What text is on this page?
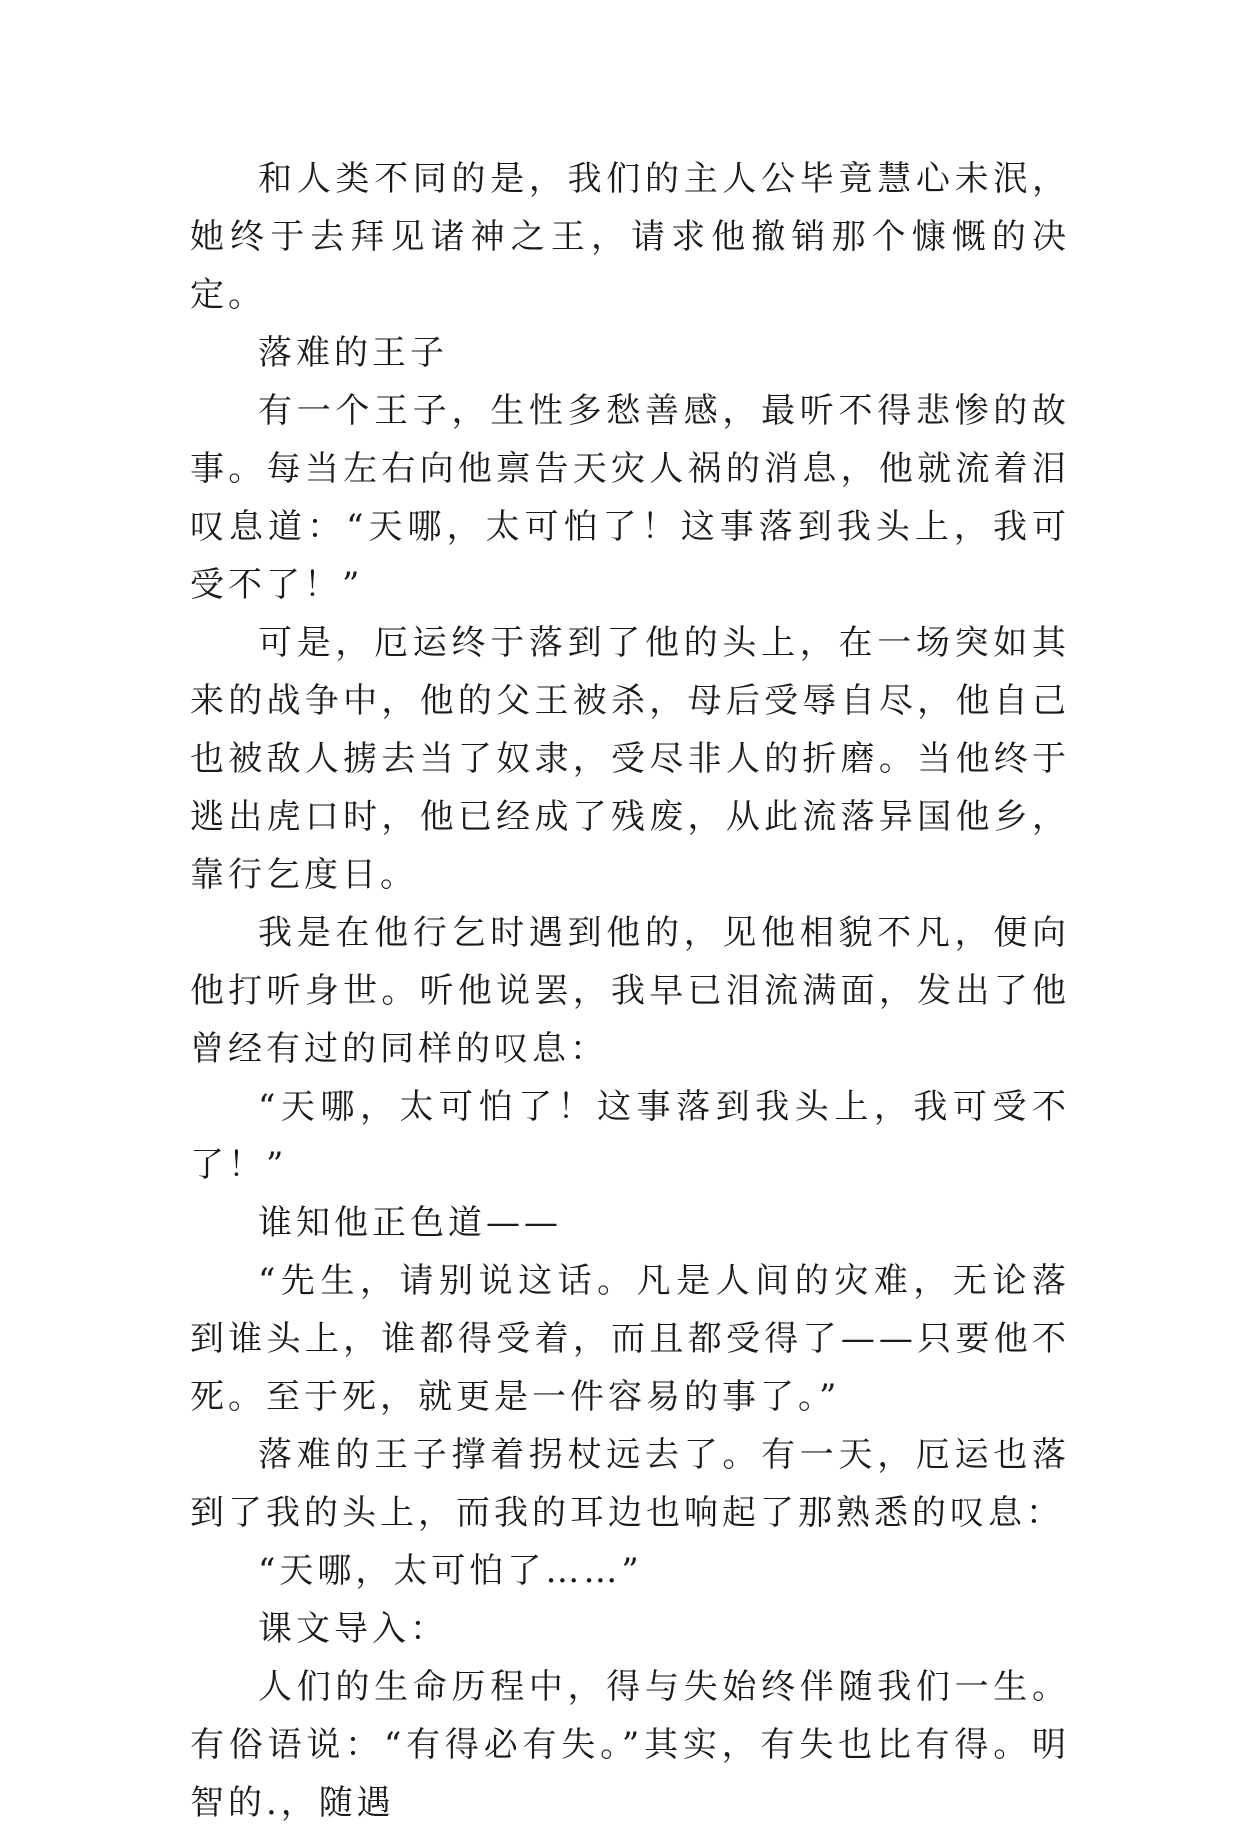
和人类不同的是，我们的主人公毕竟慧心未泯，她终于去拜见诸神之王，请求他撤销那个慷慨的决定。

落难的王子

有一个王子，生性多愁善感，最听不得悲惨的故事。每当左右向他禀告天灾人祸的消息，他就流着泪叹息道：“天哪，太可怕了！这事落到我头上，我可受不了！”

可是，厄运终于落到了他的头上，在一场突如其来的战争中，他的父王被杀，母后受辱自尽，他自己也被敌人掳去当了奴隶，受尽非人的折磨。当他终于逃出虎口时，他已经成了残废，从此流落异国他乡，靠行乞度日。

我是在他行乞时遇到他的，见他相貌不凡，便向他打听身世。听他说罢，我早已泪流满面，发出了他曾经有过的同样的叹息：

“天哪，太可怕了！这事落到我头上，我可受不了！”

谁知他正色道——

“先生，请别说这话。凡是人间的灾难，无论落到谁头上，谁都得受着，而且都受得了——只要他不死。至于死，就更是一件容易的事了。”

落难的王子撑着拐杖远去了。有一天，厄运也落到了我的头上，而我的耳边也响起了那熟悉的叹息：

“天哪，太可怕了……”

课文导入：

人们的生命历程中，得与失始终伴随我们一生。有俗语说：“有得必有失。”其实，有失也比有得。明智的.，随遇
